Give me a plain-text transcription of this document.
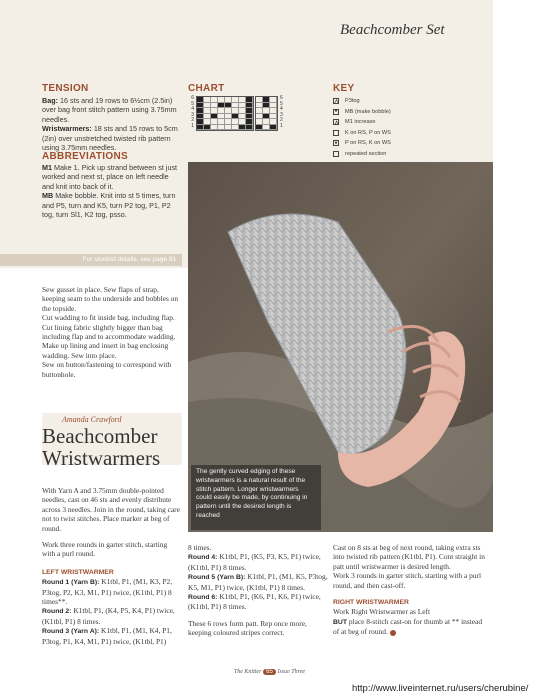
Beachcomber Set
TENSION
Bag: 16 sts and 19 rows to 6½cm (2.5in) over bag front stitch pattern using 3.75mm needles.
Wristwarmers: 18 sts and 15 rows to 5cm (2in) over unstretched twisted rib pattern using 3.75mm needles.
ABBREVIATIONS
M1 Make 1. Pick up strand between st just worked and next st, place on left needle and knit into back of it.
MB Make bobble. Knit into st 5 times, turn and P5, turn and K5, turn P2 tog, P1, P2 tog, turn Sl1, K2 tog, psso.
For stockist details, see page 91
CHART
6
5
4
3
2
1
6
5
4
3
2
1
KEY
P3tog
● MB (make bobble)
M1 increase
K on RS, P on WS
● P on RS, K on WS
repeated section
The gently curved edging of these wristwarmers is a natural result of the stitch pattern. Longer wristwarmers could easily be made, by continuing in pattern until the desired length is reached
Sew gusset in place. Sew flaps of strap, keeping seam to the underside and bobbles on the topside.
Cut wadding to fit inside bag, including flap.
Cut lining fabric slightly bigger than bag including flap and to accommodate wadding.
Make up lining and insert in bag enclosing wadding. Sew into place.
Sew on button/fastening to correspond with buttonhole.
Amanda Crawford
Beachcomber
Wristwarmers
With Yarn A and 3.75mm double-pointed needles, cast on 46 sts and evenly distribute across 3 needles. Join in the round, taking care not to twist stitches. Place marker at beg of round.
Work three rounds in garter stitch, starting with a purl round.
LEFT WRISTWARMER
Round 1 (Yarn B): K1tbl, P1, (M1, K3, P2, P3tog, P2, K3, M1, P1) twice, (K1tbl, P1) 8 times**.
Round 2: K1tbl, P1, (K4, P5, K4, P1) twice, (K1tbl, P1) 8 times.
Round 3 (Yarn A): K1tbl, P1, (M1, K4, P1, P3tog, P1, K4, M1, P1) twice, (K1tbl, P1)
8 times.
Round 4: K1tbl, P1, (K5, P3, K5, P1) twice, (K1tbl, P1) 8 times.
Round 5 (Yarn B): K1tbl, P1, (M1, K5, P3tog, K5, M1, P1) twice, (K1tbl, P1) 8 times.
Round 6: K1tbl, P1, (K6, P1, K6, P1) twice, (K1tbl, P1) 8 times.
These 6 rows form patt. Rep once more, keeping coloured stripes correct.
Cast on 8 sts at beg of next round, taking extra sts into twisted rib pattern (K1tbl, P1). Cont straight in patt until wristwarmer is desired length.
Work 3 rounds in garter stitch, starting with a purl round, and then cast-off.
RIGHT WRISTWARMER
Work Right Wristwarmer as Left
BUT place 8-stitch cast-on for thumb at ** instead of at beg of round.
The Knitter 65 Issue Three
http://www.liveinternet.ru/users/cherubine/
